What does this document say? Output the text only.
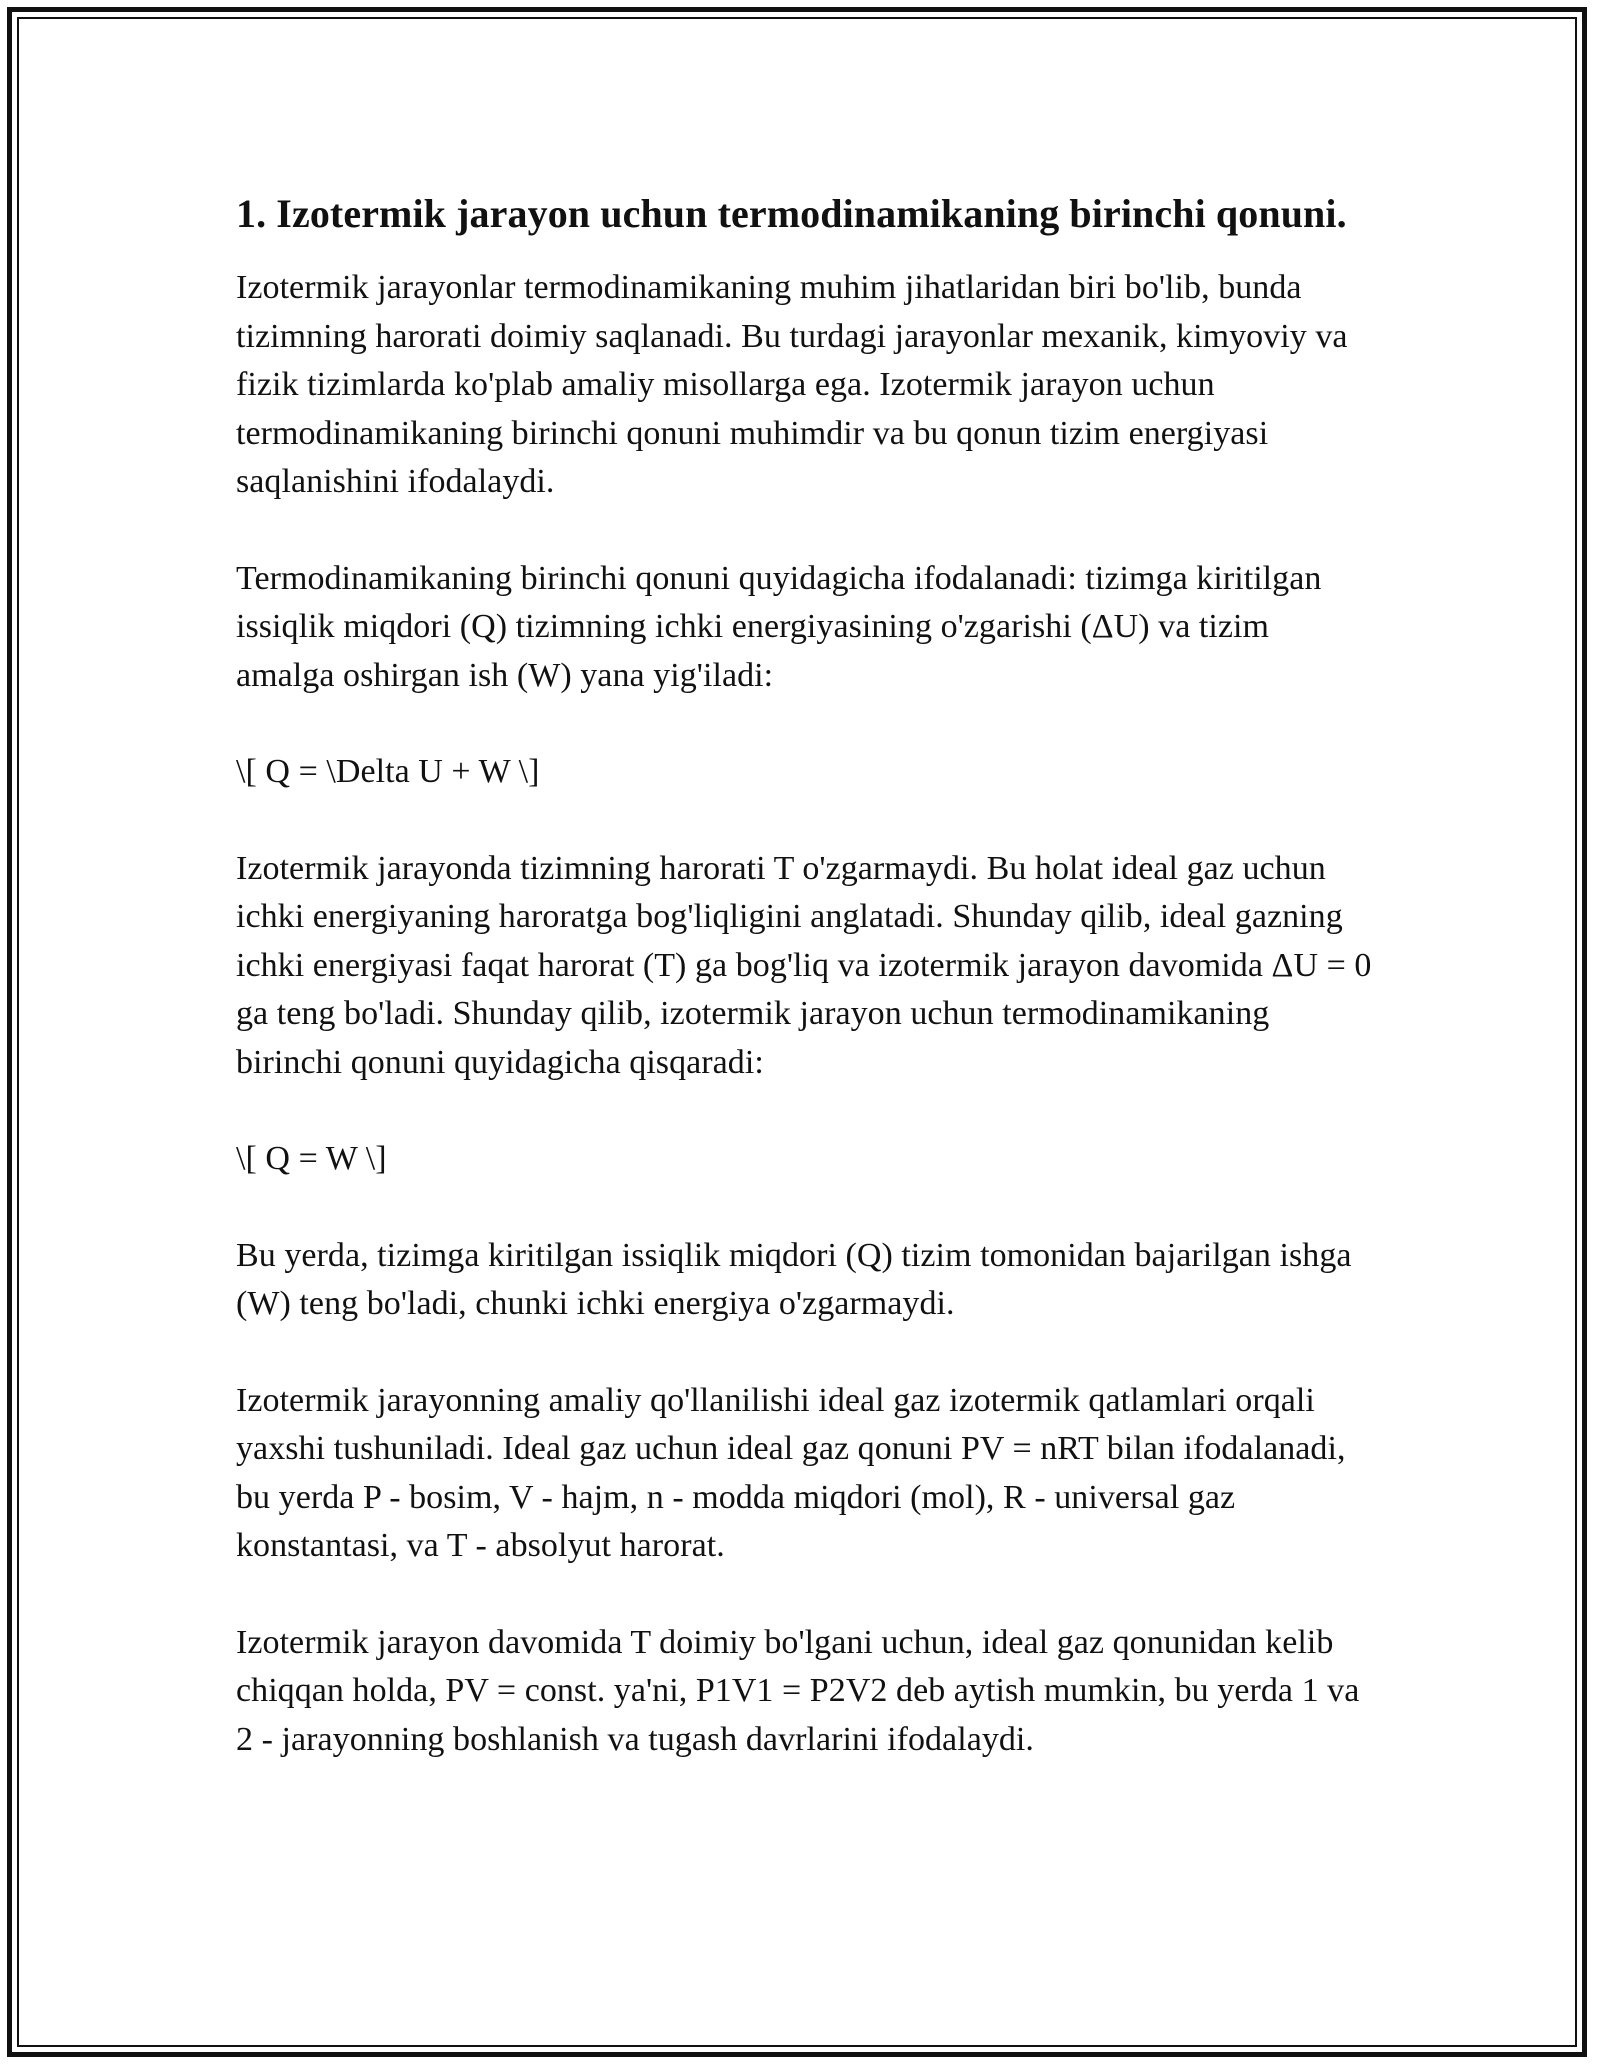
1. Izotermik jarayon uchun termodinamikaning birinchi qonuni.

Izotermik jarayonlar termodinamikaning muhim jihatlaridan biri bo'lib, bunda tizimning harorati doimiy saqlanadi. Bu turdagi jarayonlar mexanik, kimyoviy va fizik tizimlarda ko'plab amaliy misollarga ega. Izotermik jarayon uchun termodinamikaning birinchi qonuni muhimdir va bu qonun tizim energiyasi saqlanishini ifodalaydi.

Termodinamikaning birinchi qonuni quyidagicha ifodalanadi: tizimga kiritilgan issiqlik miqdori (Q) tizimning ichki energiyasining o'zgarishi (ΔU) va tizim amalga oshirgan ish (W) yana yig'iladi:

\[ Q = \Delta U + W \]

Izotermik jarayonda tizimning harorati T o'zgarmaydi. Bu holat ideal gaz uchun ichki energiyaning haroratga bog'liqligini anglatadi. Shunday qilib, ideal gazning ichki energiyasi faqat harorat (T) ga bog'liq va izotermik jarayon davomida ΔU = 0 ga teng bo'ladi. Shunday qilib, izotermik jarayon uchun termodinamikaning birinchi qonuni quyidagicha qisqaradi:

\[ Q = W \]

Bu yerda, tizimga kiritilgan issiqlik miqdori (Q) tizim tomonidan bajarilgan ishga (W) teng bo'ladi, chunki ichki energiya o'zgarmaydi.

Izotermik jarayonning amaliy qo'llanilishi ideal gaz izotermik qatlamlari orqali yaxshi tushuniladi. Ideal gaz uchun ideal gaz qonuni PV = nRT bilan ifodalanadi, bu yerda P - bosim, V - hajm, n - modda miqdori (mol), R - universal gaz konstantasi, va T - absolyut harorat.

Izotermik jarayon davomida T doimiy bo'lgani uchun, ideal gaz qonunidan kelib chiqqan holda, PV = const. ya'ni, P1V1 = P2V2 deb aytish mumkin, bu yerda 1 va 2 - jarayonning boshlanish va tugash davrlarini ifodalaydi.
